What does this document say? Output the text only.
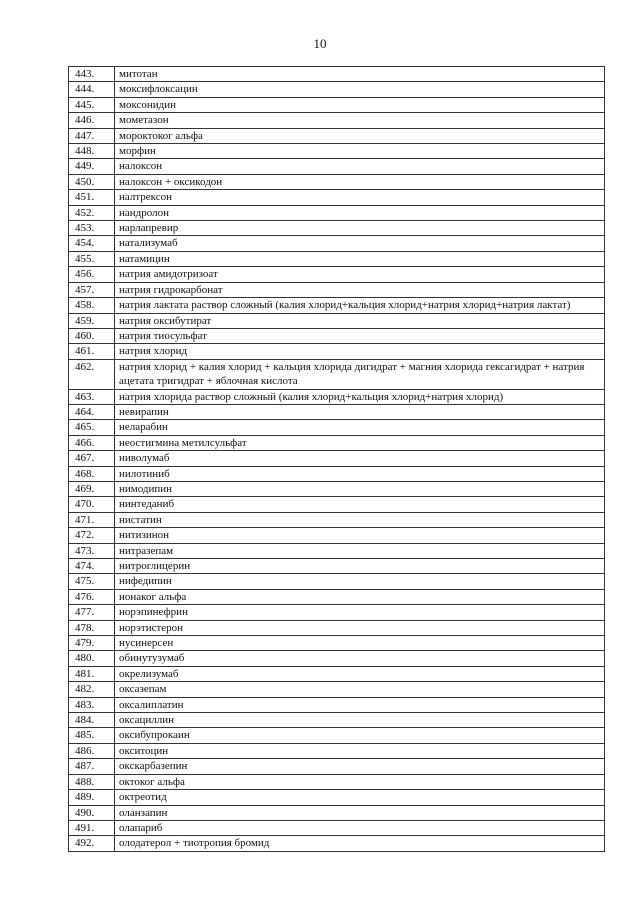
10
443.	митотан
444.	моксифлоксацин
445.	моксонидин
446.	мометазон
447.	мороктоког альфа
448.	морфин
449.	налоксон
450.	налоксон + оксикодон
451.	налтрексон
452.	нандролон
453.	нарлапревир
454.	натализумаб
455.	натамицин
456.	натрия амидотризоат
457.	натрия гидрокарбонат
458.	натрия лактата раствор сложный (калия хлорид+кальция хлорид+натрия хлорид+натрия лактат)
459.	натрия оксибутират
460.	натрия тиосульфат
461.	натрия хлорид
462.	натрия хлорид + калия хлорид + кальция хлорида дигидрат + магния хлорида гексагидрат + натрия ацетата тригидрат + яблочная кислота
463.	натрия хлорида раствор сложный (калия хлорид+кальция хлорид+натрия хлорид)
464.	невирапин
465.	неларабин
466.	неостигмина метилсульфат
467.	ниволумаб
468.	нилотиниб
469.	нимодипин
470.	нинтеданиб
471.	нистатин
472.	нитизинон
473.	нитразепам
474.	нитроглицерин
475.	нифедипин
476.	нонаког альфа
477.	норэпинефрин
478.	норэтистерон
479.	нусинерсен
480.	обинутузумаб
481.	окрелизумаб
482.	оксазепам
483.	оксалиплатин
484.	оксациллин
485.	оксибупрокаин
486.	окситоцин
487.	окскарбазепин
488.	октоког альфа
489.	октреотид
490.	оланзапин
491.	олапариб
492.	олодатерол + тиотропия бромид
